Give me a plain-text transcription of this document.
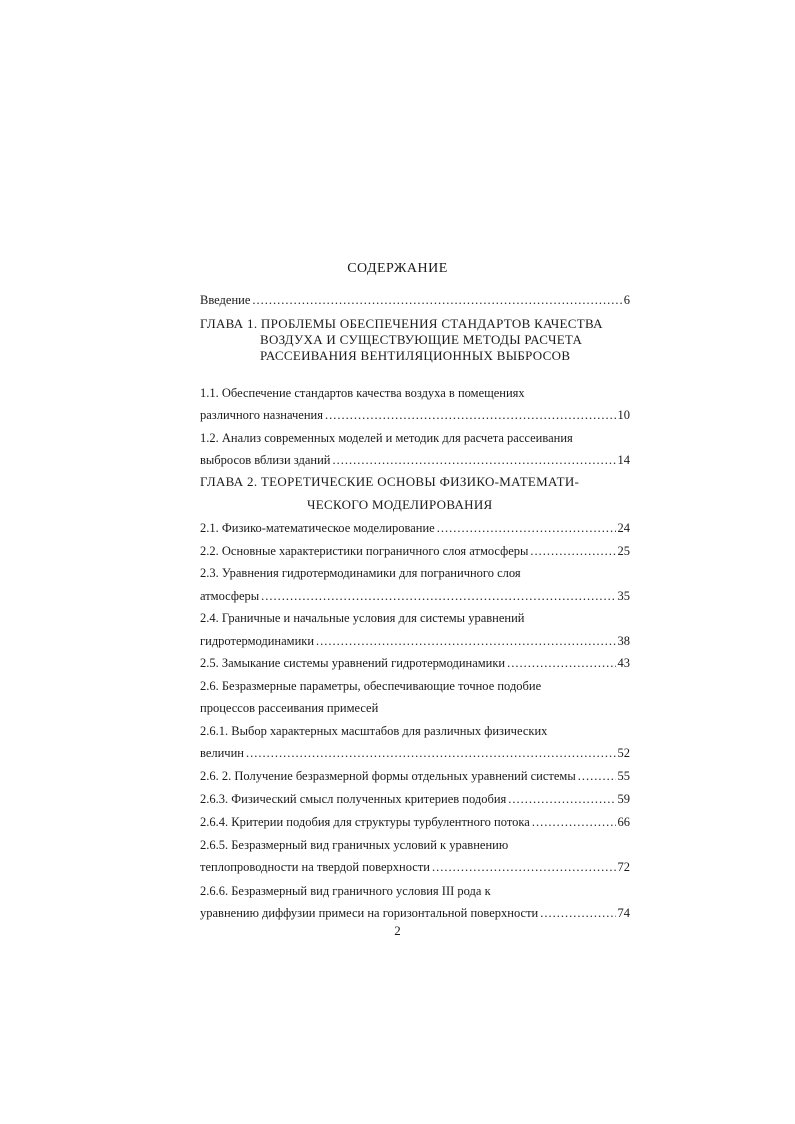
СОДЕРЖАНИЕ
Введение .....	6
ГЛАВА 1. ПРОБЛЕМЫ ОБЕСПЕЧЕНИЯ СТАНДАРТОВ КАЧЕСТВА
ВОЗДУХА И СУЩЕСТВУЮЩИЕ МЕТОДЫ РАСЧЕТА
РАССЕИВАНИЯ ВЕНТИЛЯЦИОННЫХ ВЫБРОСОВ
1.1. Обеспечение стандартов качества воздуха в помещениях
различного назначения .....	10
1.2. Анализ современных моделей и методик для расчета рассеивания
выбросов вблизи зданий .....	14
ГЛАВА 2. ТЕОРЕТИЧЕСКИЕ ОСНОВЫ ФИЗИКО-МАТЕМАТИ-
ЧЕСКОГО МОДЕЛИРОВАНИЯ
2.1. Физико-математическое моделирование .....	24
2.2. Основные характеристики пограничного слоя атмосферы .....	25
2.3. Уравнения гидротермодинамики для пограничного слоя
атмосферы .....	35
2.4. Граничные и начальные условия для системы уравнений
гидротермодинамики .....	38
2.5. Замыкание системы уравнений гидротермодинамики .....	43
2.6. Безразмерные параметры, обеспечивающие точное подобие
процессов рассеивания примесей
2.6.1. Выбор характерных масштабов для различных физических
величин .....	52
2.6. 2. Получение безразмерной формы отдельных уравнений системы .....	55
2.6.3. Физический смысл полученных критериев подобия .....	59
2.6.4. Критерии подобия для структуры турбулентного потока .....	66
2.6.5. Безразмерный вид граничных условий к уравнению
теплопроводности на твердой поверхности .....	72
2.6.6. Безразмерный вид граничного условия III рода к
уравнению диффузии примеси на горизонтальной поверхности .....	74
2
